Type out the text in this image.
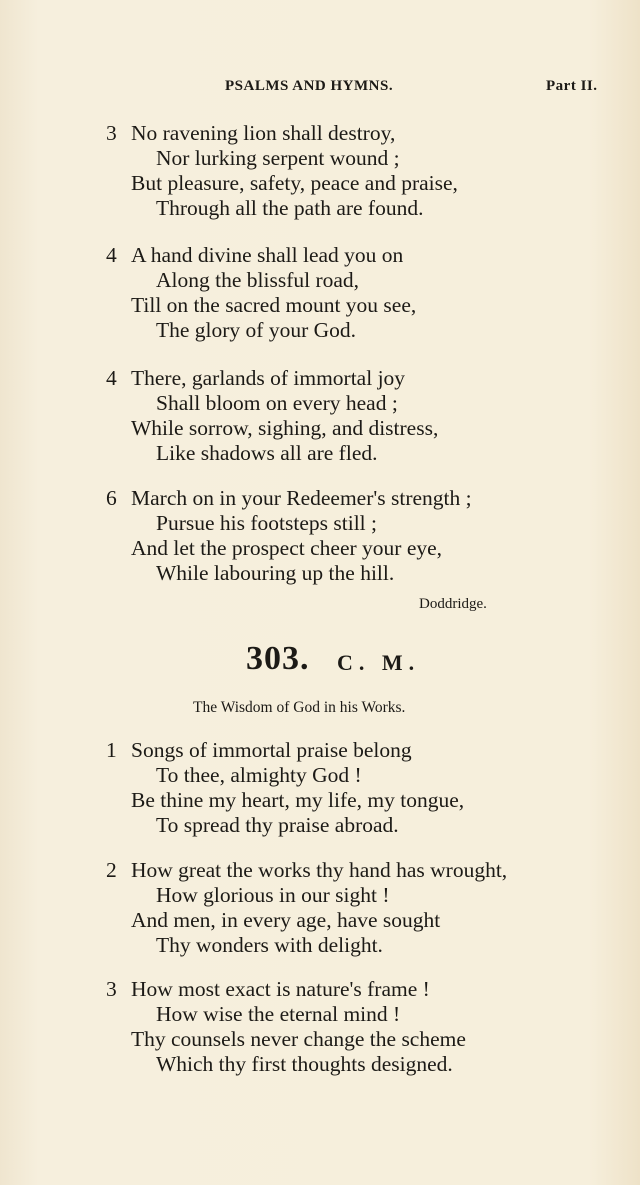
PSALMS AND HYMNS.	Part II.
3 No ravening lion shall destroy,
Nor lurking serpent wound ;
But pleasure, safety, peace and praise,
Through all the path are found.
4 A hand divine shall lead you on
Along the blissful road,
Till on the sacred mount you see,
The glory of your God.
4 There, garlands of immortal joy
Shall bloom on every head ;
While sorrow, sighing, and distress,
Like shadows all are fled.
6 March on in your Redeemer's strength ;
Pursue his footsteps still ;
And let the prospect cheer your eye,
While labouring up the hill.
Doddridge.
303. C. M.
The Wisdom of God in his Works.
1 Songs of immortal praise belong
To thee, almighty God !
Be thine my heart, my life, my tongue,
To spread thy praise abroad.
2 How great the works thy hand has wrought,
How glorious in our sight !
And men, in every age, have sought
Thy wonders with delight.
3 How most exact is nature's frame !
How wise the eternal mind !
Thy counsels never change the scheme
Which thy first thoughts designed.
